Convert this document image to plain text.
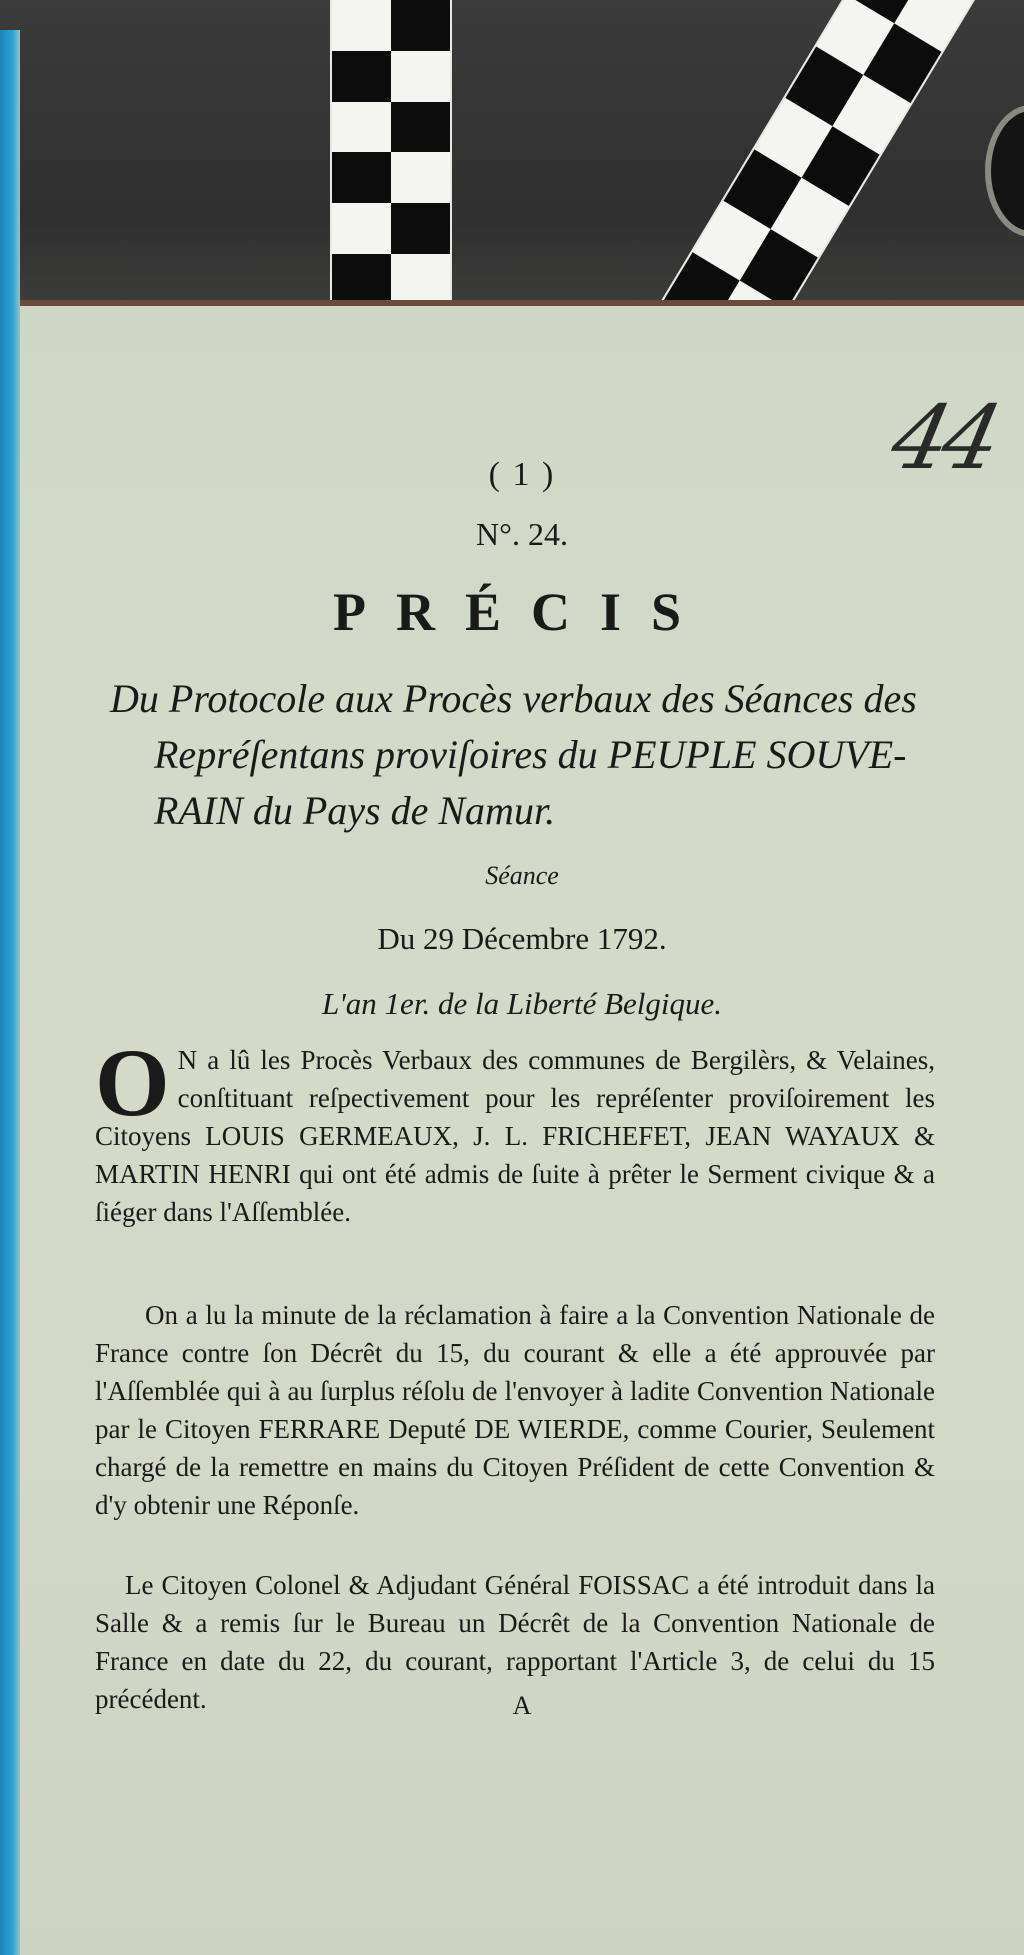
44
( 1 )
N°. 24.
PRÉCIS
Du Protocole aux Procès verbaux des Séances des
Repréſentans proviſoires du PEUPLE SOUVE-
RAIN du Pays de Namur.
Séance
Du 29 Décembre 1792.
L'an 1er. de la Liberté Belgique.
O N a lû les Procès Verbaux des communes de Bergilèrs, & Velaines, conſtituant reſpectivement pour les repréſenter proviſoirement les Citoyens LOUIS GERMEAUX, J. L. FRICHEFET, JEAN WAYAUX & MARTIN HENRI qui ont été admis de ſuite à prêter le Serment civique & a ſiéger dans l'Aſſemblée.
On a lu la minute de la réclamation à faire a la Convention Nationale de France contre ſon Décrêt du 15, du courant & elle a été approuvée par l'Aſſemblée qui à au ſurplus réſolu de l'envoyer à ladite Convention Nationale par le Citoyen FERRARE Deputé DE WIERDE, comme Courier, Seulement chargé de la remettre en mains du Citoyen Préſident de cette Convention & d'y obtenir une Réponſe.
Le Citoyen Colonel & Adjudant Général FOISSAC a été introduit dans la Salle & a remis ſur le Bureau un Décrêt de la Convention Nationale de France en date du 22, du courant, rapportant l'Article 3, de celui du 15 précédent.	A
